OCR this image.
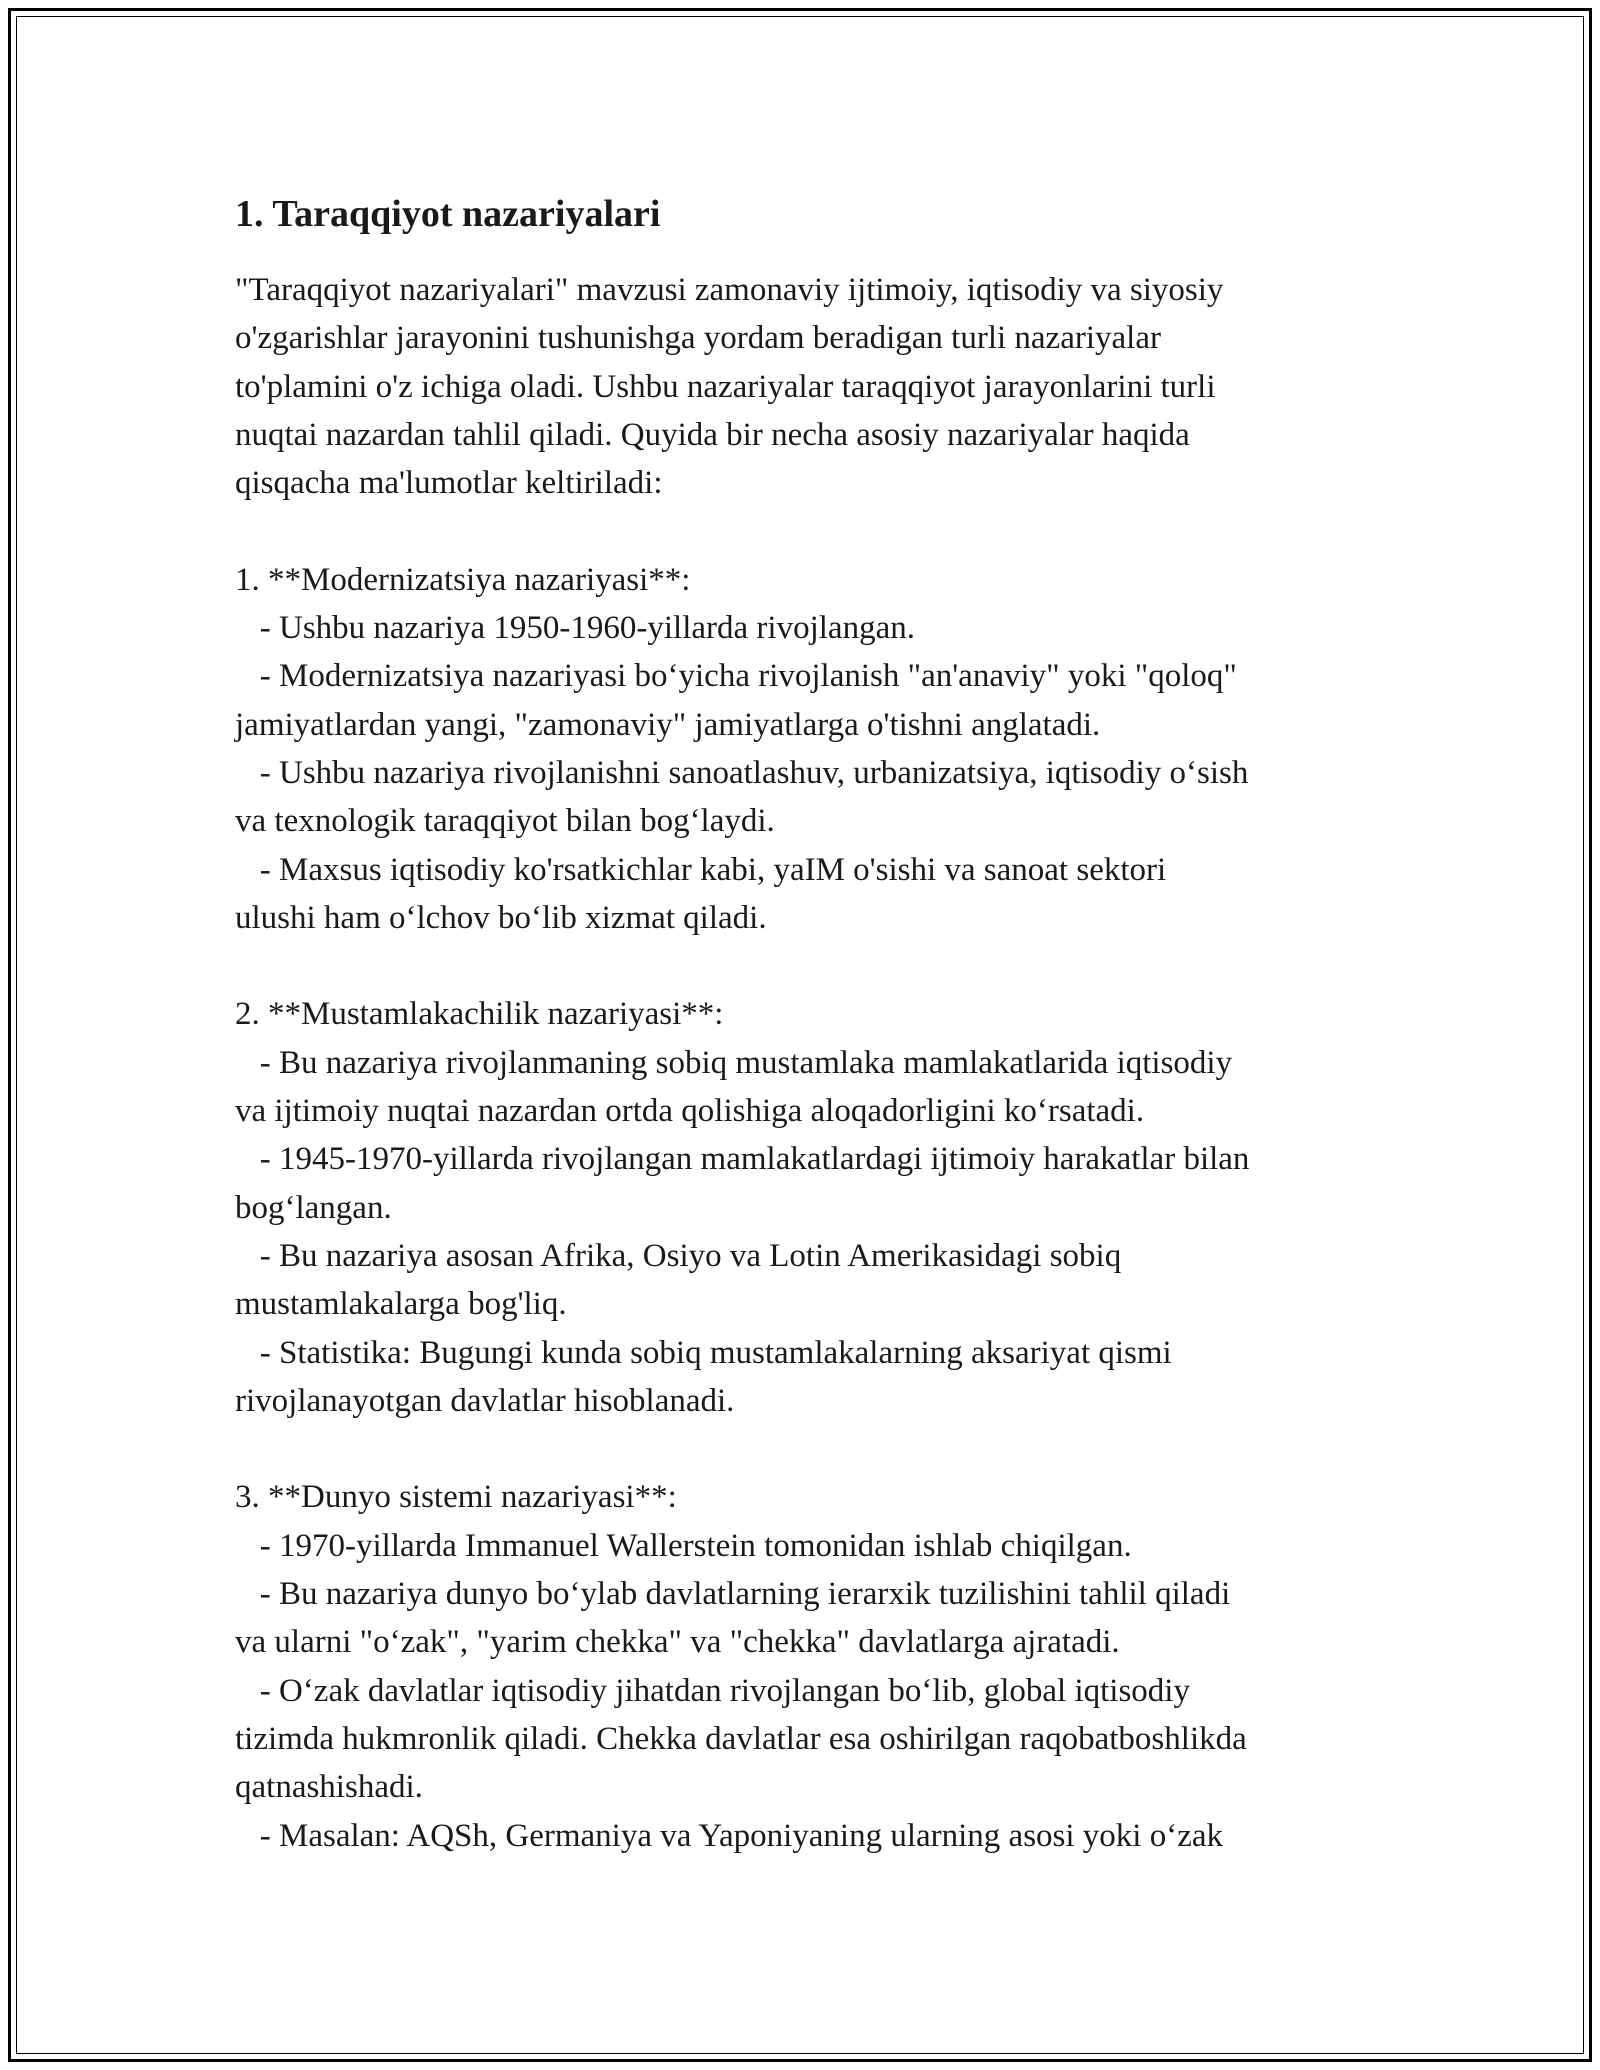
1. Taraqqiyot nazariyalari

"Taraqqiyot nazariyalari" mavzusi zamonaviy ijtimoiy, iqtisodiy va siyosiy
o'zgarishlar jarayonini tushunishga yordam beradigan turli nazariyalar
to'plamini o'z ichiga oladi. Ushbu nazariyalar taraqqiyot jarayonlarini turli
nuqtai nazardan tahlil qiladi. Quyida bir necha asosiy nazariyalar haqida
qisqacha ma'lumotlar keltiriladi:

1. **Modernizatsiya nazariyasi**:
- Ushbu nazariya 1950-1960-yillarda rivojlangan.
- Modernizatsiya nazariyasi boʻyicha rivojlanish "an'anaviy" yoki "qoloq"
jamiyatlardan yangi, "zamonaviy" jamiyatlarga o'tishni anglatadi.
- Ushbu nazariya rivojlanishni sanoatlashuv, urbanizatsiya, iqtisodiy oʻsish
va texnologik taraqqiyot bilan bogʻlaydi.
- Maxsus iqtisodiy ko'rsatkichlar kabi, yaIM o'sishi va sanoat sektori
ulushi ham oʻlchov boʻlib xizmat qiladi.

2. **Mustamlakachilik nazariyasi**:
- Bu nazariya rivojlanmaning sobiq mustamlaka mamlakatlarida iqtisodiy
va ijtimoiy nuqtai nazardan ortda qolishiga aloqadorligini koʻrsatadi.
- 1945-1970-yillarda rivojlangan mamlakatlardagi ijtimoiy harakatlar bilan
bogʻlangan.
- Bu nazariya asosan Afrika, Osiyo va Lotin Amerikasidagi sobiq
mustamlakalarga bog'liq.
- Statistika: Bugungi kunda sobiq mustamlakalarning aksariyat qismi
rivojlanayotgan davlatlar hisoblanadi.

3. **Dunyo sistemi nazariyasi**:
- 1970-yillarda Immanuel Wallerstein tomonidan ishlab chiqilgan.
- Bu nazariya dunyo boʻylab davlatlarning ierarxik tuzilishini tahlil qiladi
va ularni "oʻzak", "yarim chekka" va "chekka" davlatlarga ajratadi.
- Oʻzak davlatlar iqtisodiy jihatdan rivojlangan boʻlib, global iqtisodiy
tizimda hukmronlik qiladi. Chekka davlatlar esa oshirilgan raqobatboshlikda
qatnashishadi.
- Masalan: AQSh, Germaniya va Yaponiyaning ularning asosi yoki oʻzak
